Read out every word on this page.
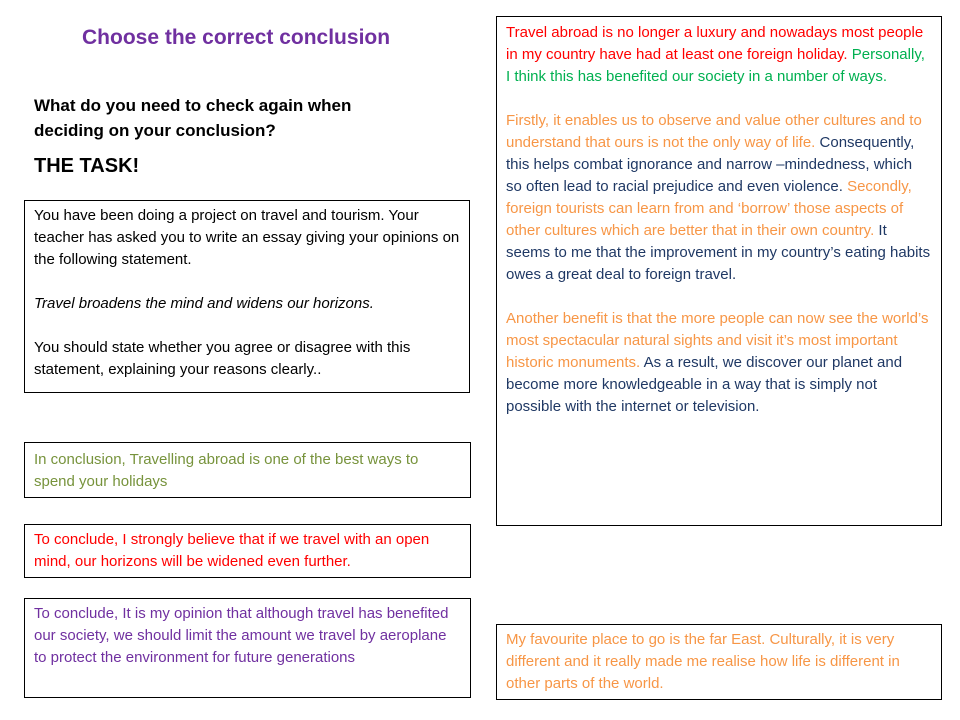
Choose the correct conclusion
What do you need to check again when deciding on your conclusion?
THE TASK!

You have been doing a project on travel and tourism. Your teacher has asked you to write an essay giving your opinions on the following statement.

Travel broadens the mind and widens our horizons.

You should state whether you agree or disagree with this statement, explaining your reasons clearly..

In conclusion, Travelling abroad is one of the best ways to spend your holidays
To conclude, I strongly believe that if we travel with an open mind, our horizons will be widened even further.
To conclude, It is my opinion that although travel has benefited our society, we should limit the amount we travel by aeroplane to protect the environment for future generations

Travel abroad is no longer a luxury and nowadays most people in my country have had at least one foreign holiday. Personally, I think this has benefited our society in a number of ways.

Firstly, it enables us to observe and value other cultures and to understand that ours is not the only way of life. Consequently, this helps combat ignorance and narrow –mindedness, which so often lead to racial prejudice and even violence. Secondly, foreign tourists can learn from and ‘borrow’ those aspects of other cultures which are better that in their own country. It seems to me that the improvement in my country’s eating habits owes a great deal to foreign travel.

Another benefit is that the more people can now see the world’s most spectacular natural sights and visit it’s most important historic monuments. As a result, we discover our planet and become more knowledgeable in a way that is simply not possible with the internet or television.

My favourite place to go is the far East. Culturally, it is very different and it really made me realise how life is different in other parts of the world.
